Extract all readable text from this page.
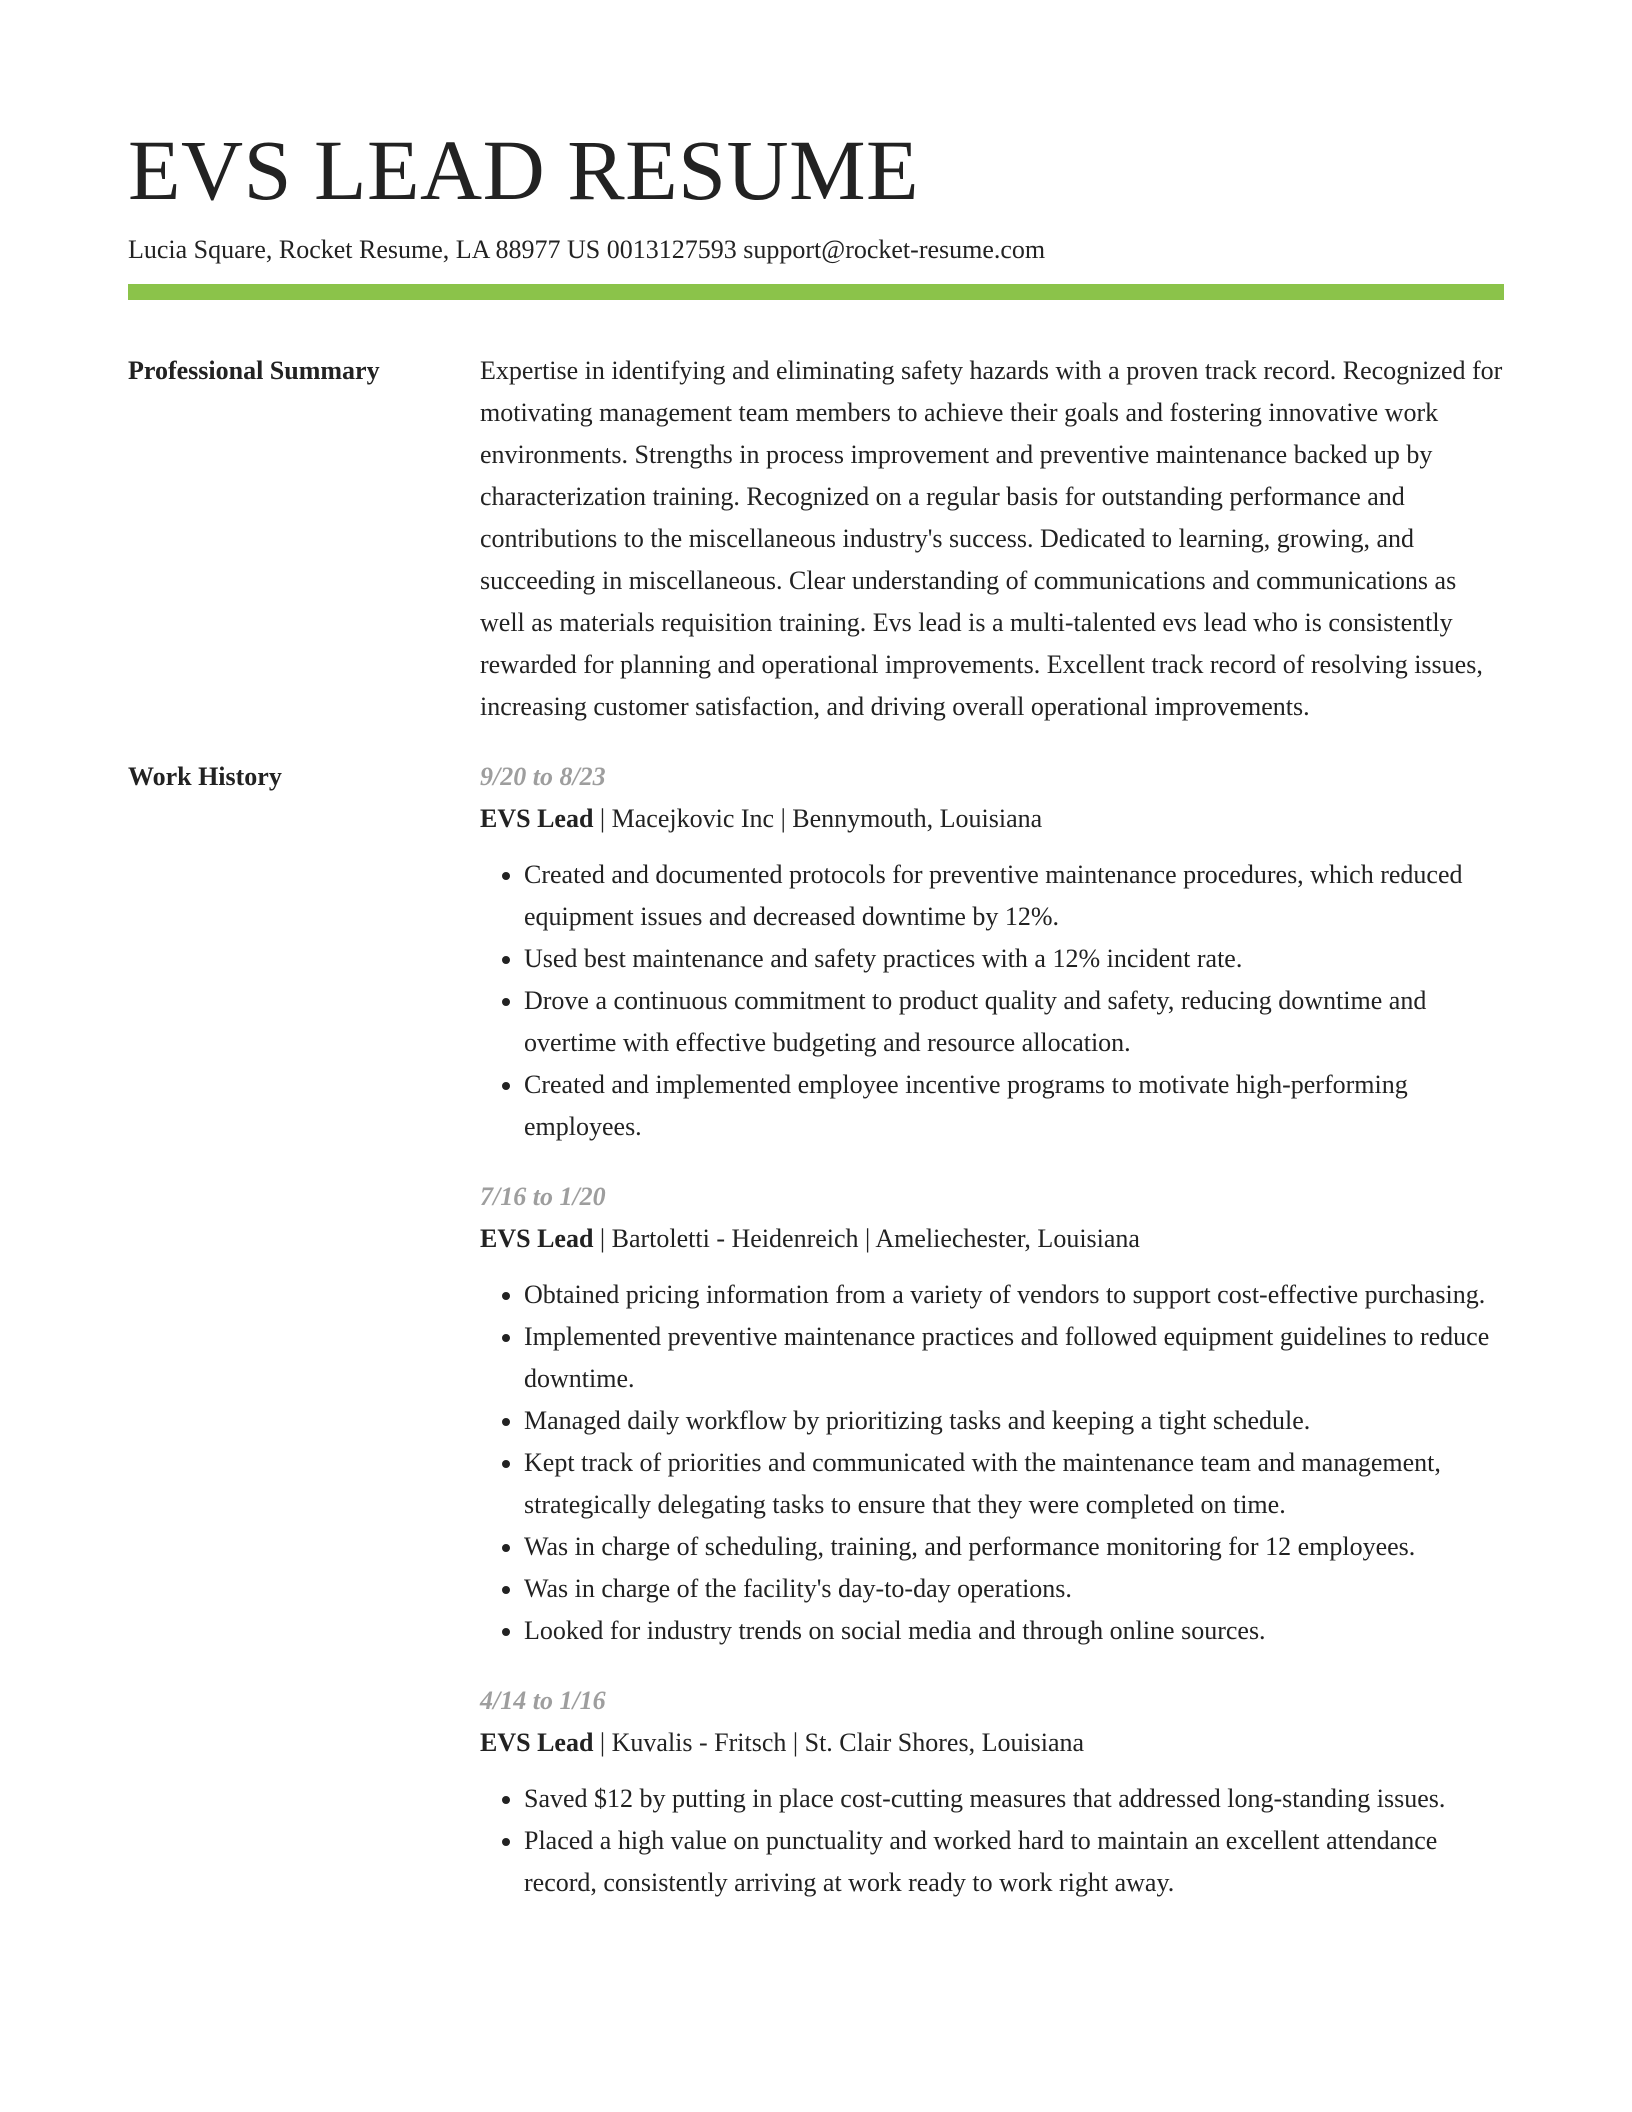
EVS LEAD RESUME
Lucia Square, Rocket Resume, LA 88977 US 0013127593 support@rocket-resume.com
Professional Summary	Expertise in identifying and eliminating safety hazards with a proven track record. Recognized for motivating management team members to achieve their goals and fostering innovative work environments. Strengths in process improvement and preventive maintenance backed up by characterization training. Recognized on a regular basis for outstanding performance and contributions to the miscellaneous industry's success. Dedicated to learning, growing, and succeeding in miscellaneous. Clear understanding of communications and communications as well as materials requisition training. Evs lead is a multi-talented evs lead who is consistently rewarded for planning and operational improvements. Excellent track record of resolving issues, increasing customer satisfaction, and driving overall operational improvements.

Work History	9/20 to 8/23
EVS Lead | Macejkovic Inc | Bennymouth, Louisiana
• Created and documented protocols for preventive maintenance procedures, which reduced equipment issues and decreased downtime by 12%.
• Used best maintenance and safety practices with a 12% incident rate.
• Drove a continuous commitment to product quality and safety, reducing downtime and overtime with effective budgeting and resource allocation.
• Created and implemented employee incentive programs to motivate high-performing employees.
7/16 to 1/20
EVS Lead | Bartoletti - Heidenreich | Ameliechester, Louisiana
• Obtained pricing information from a variety of vendors to support cost-effective purchasing.
• Implemented preventive maintenance practices and followed equipment guidelines to reduce downtime.
• Managed daily workflow by prioritizing tasks and keeping a tight schedule.
• Kept track of priorities and communicated with the maintenance team and management, strategically delegating tasks to ensure that they were completed on time.
• Was in charge of scheduling, training, and performance monitoring for 12 employees.
• Was in charge of the facility's day-to-day operations.
• Looked for industry trends on social media and through online sources.
4/14 to 1/16
EVS Lead | Kuvalis - Fritsch | St. Clair Shores, Louisiana
• Saved $12 by putting in place cost-cutting measures that addressed long-standing issues.
• Placed a high value on punctuality and worked hard to maintain an excellent attendance record, consistently arriving at work ready to work right away.
